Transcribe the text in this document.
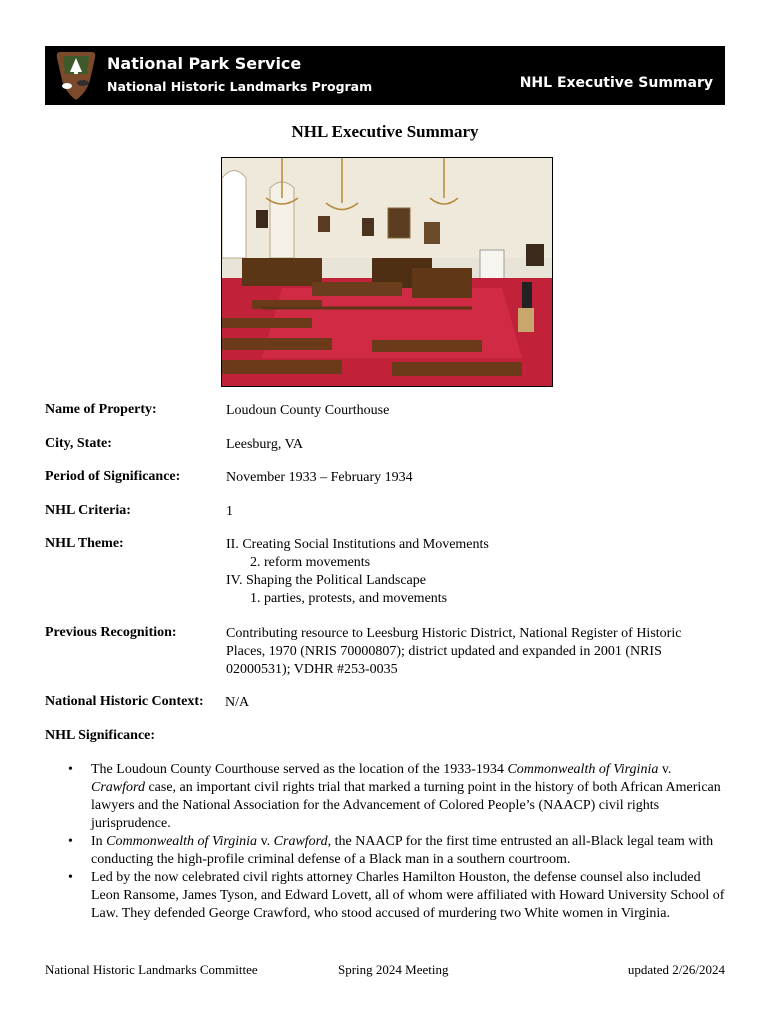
National Park Service
National Historic Landmarks Program	NHL Executive Summary
NHL Executive Summary
Name of Property:	Loudoun County Courthouse
City, State:	Leesburg, VA
Period of Significance:	November 1933 – February 1934
NHL Criteria:	1
NHL Theme:	II. Creating Social Institutions and Movements
2. reform movements
IV. Shaping the Political Landscape
1. parties, protests, and movements
Previous Recognition:	Contributing resource to Leesburg Historic District, National Register of Historic
Places, 1970 (NRIS 70000807); district updated and expanded in 2001 (NRIS
02000531); VDHR #253-0035
National Historic Context: N/A
NHL Significance:
• The Loudoun County Courthouse served as the location of the 1933-1934 Commonwealth of Virginia v.
Crawford case, an important civil rights trial that marked a turning point in the history of both African American lawyers and the National Association for the Advancement of Colored People’s (NAACP) civil rights jurisprudence.
• In Commonwealth of Virginia v. Crawford, the NAACP for the first time entrusted an all-Black legal team with conducting the high-profile criminal defense of a Black man in a southern courtroom.
• Led by the now celebrated civil rights attorney Charles Hamilton Houston, the defense counsel also included Leon Ransome, James Tyson, and Edward Lovett, all of whom were affiliated with Howard University School of Law. They defended George Crawford, who stood accused of murdering two White women in Virginia.
National Historic Landmarks Committee	Spring 2024 Meeting	updated 2/26/2024
